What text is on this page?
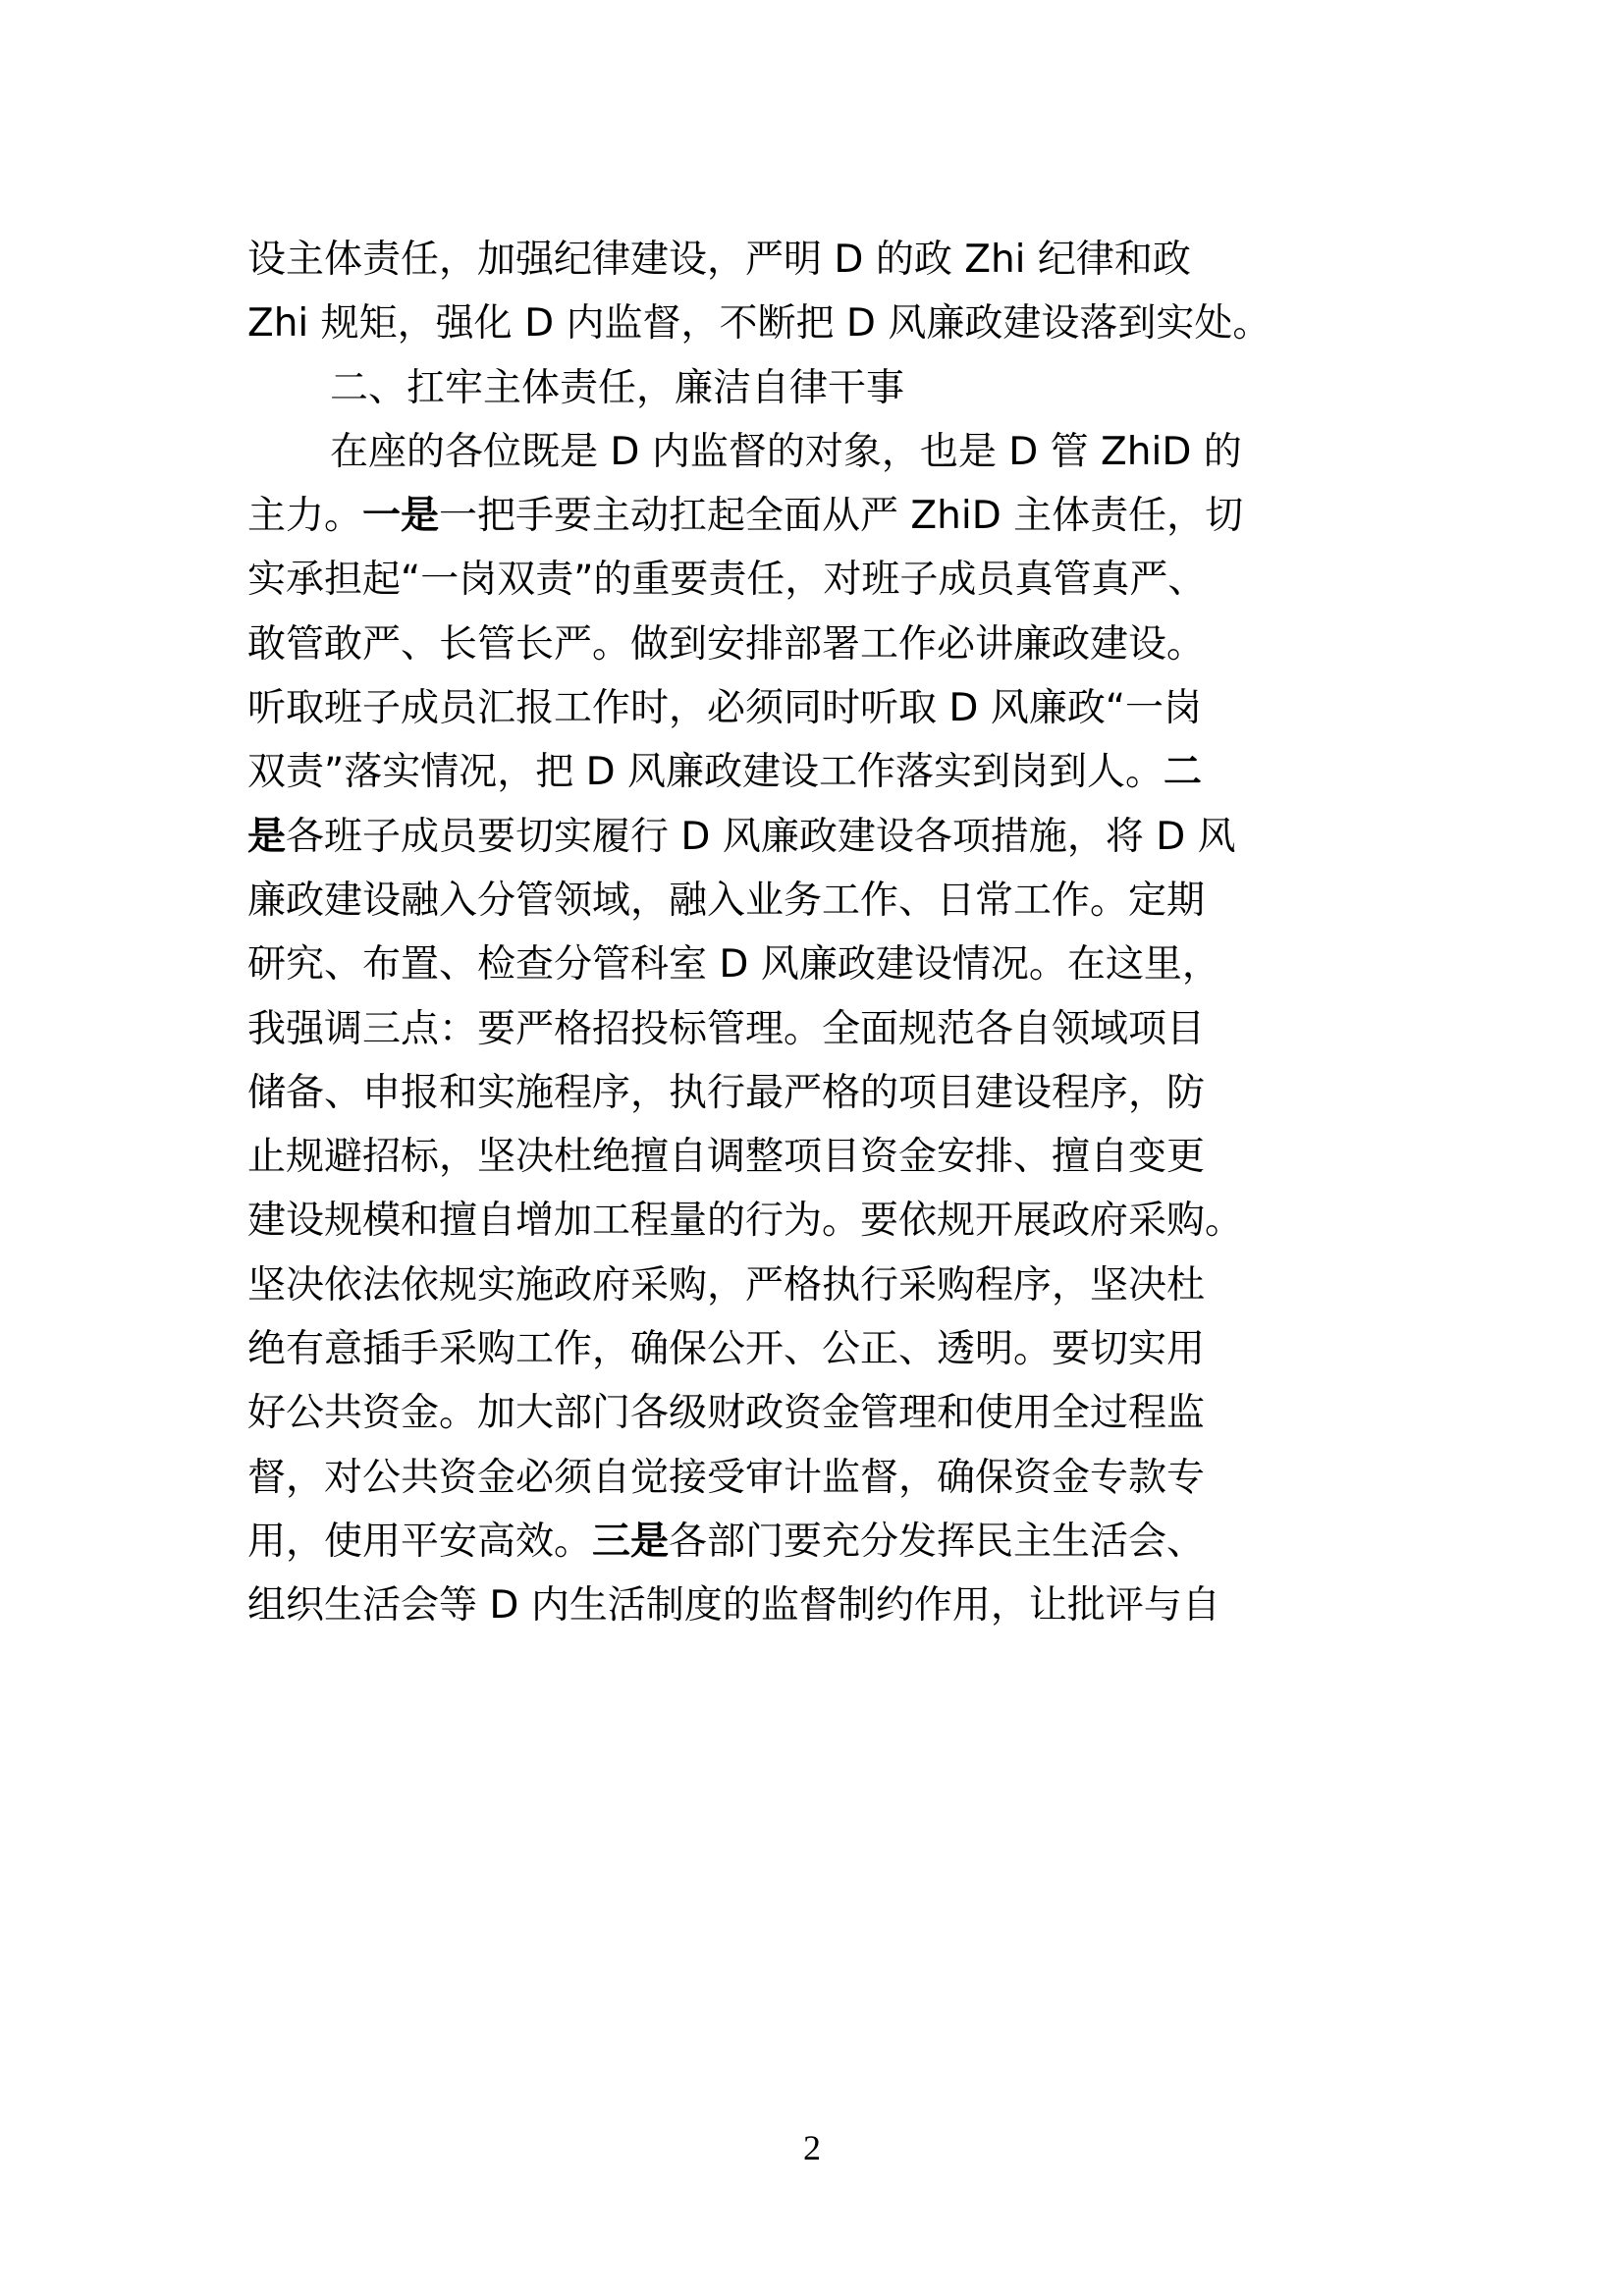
设主体责任，加强纪律建设，严明 D 的政 Zhi 纪律和政
Zhi 规矩，强化 D 内监督，不断把 D 风廉政建设落到实处。
二、扛牢主体责任，廉洁自律干事
在座的各位既是 D 内监督的对象，也是 D 管 ZhiD 的
主力。一是一把手要主动扛起全面从严 ZhiD 主体责任，切
实承担起“一岗双责”的重要责任，对班子成员真管真严、
敢管敢严、长管长严。做到安排部署工作必讲廉政建设。
听取班子成员汇报工作时，必须同时听取 D 风廉政“一岗
双责”落实情况，把 D 风廉政建设工作落实到岗到人。二
是各班子成员要切实履行 D 风廉政建设各项措施，将 D 风
廉政建设融入分管领域，融入业务工作、日常工作。定期
研究、布置、检查分管科室 D 风廉政建设情况。在这里，
我强调三点：要严格招投标管理。全面规范各自领域项目
储备、申报和实施程序，执行最严格的项目建设程序，防
止规避招标，坚决杜绝擅自调整项目资金安排、擅自变更
建设规模和擅自增加工程量的行为。要依规开展政府采购。
坚决依法依规实施政府采购，严格执行采购程序，坚决杜
绝有意插手采购工作，确保公开、公正、透明。要切实用
好公共资金。加大部门各级财政资金管理和使用全过程监
督，对公共资金必须自觉接受审计监督，确保资金专款专
用，使用平安高效。三是各部门要充分发挥民主生活会、
组织生活会等 D 内生活制度的监督制约作用，让批评与自
2
